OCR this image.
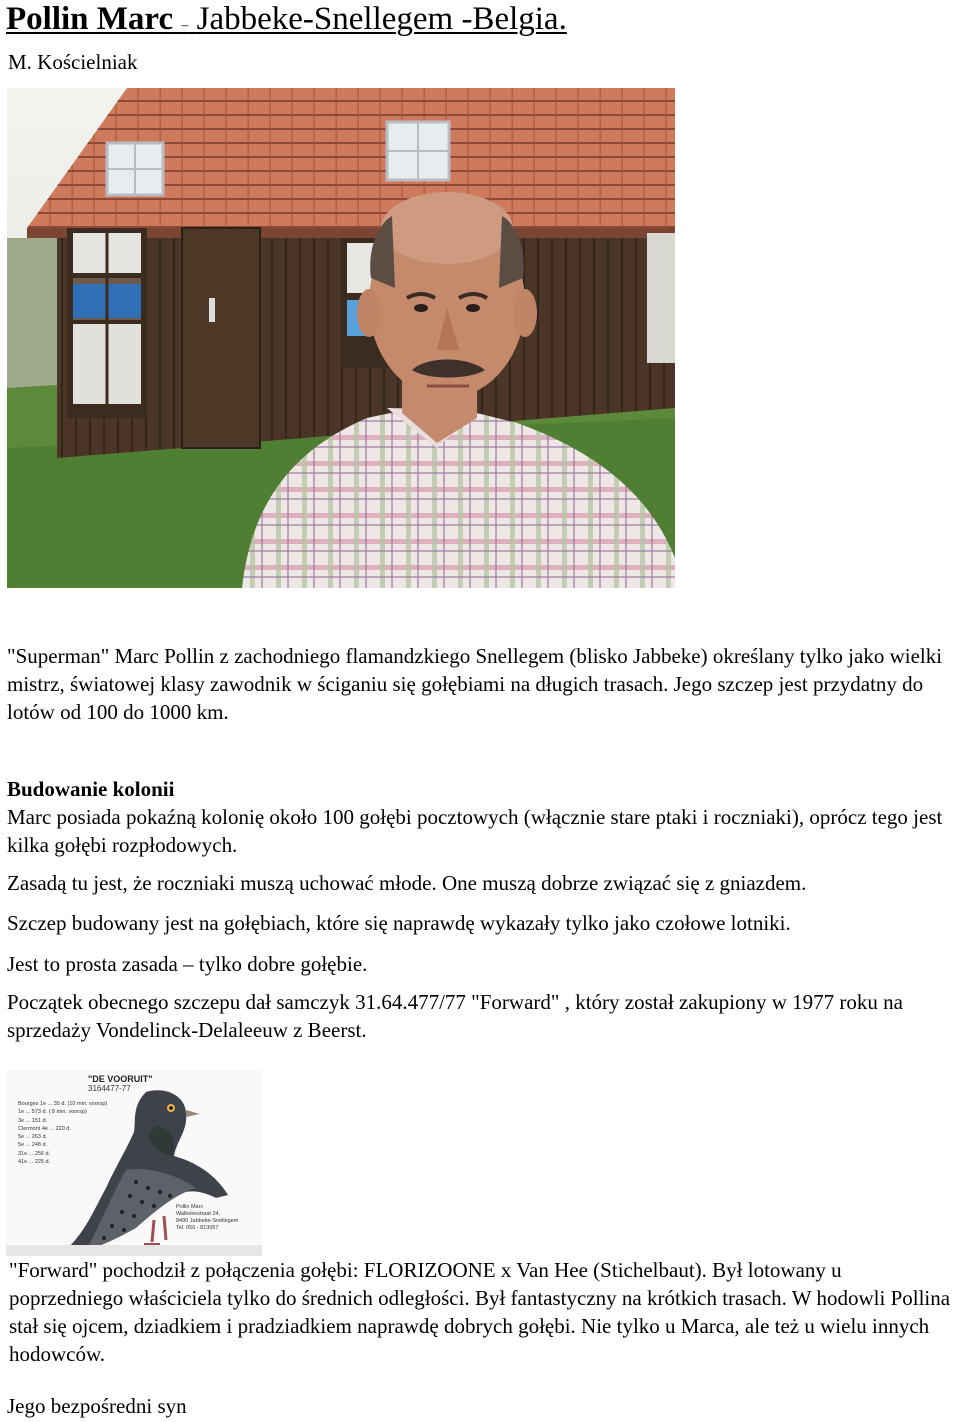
Pollin Marc – Jabbeke-Snellegem -Belgia.
M. Kościelniak

"Superman" Marc Pollin z zachodniego flamandzkiego Snellegem (blisko Jabbeke) określany tylko jako wielki mistrz, światowej klasy zawodnik w ściganiu się gołębiami na długich trasach. Jego szczep jest przydatny do lotów od 100 do 1000 km.

Budowanie kolonii

Marc posiada pokaźną kolonię około 100 gołębi pocztowych (włącznie stare ptaki i roczniaki), oprócz tego jest kilka gołębi rozpłodowych.

Zasadą tu jest, że roczniaki muszą uchować młode. One muszą dobrze związać się z gniazdem.

Szczep budowany jest na gołębiach, które się naprawdę wykazały tylko jako czołowe lotniki.

Jest to prosta zasada – tylko dobre gołębie.

Początek obecnego szczepu dał samczyk 31.64.477/77 "Forward" , który został zakupiony w 1977 roku na sprzedaży Vondelinck-Delaleeuw z Beerst.

"DE VOORUIT"
3164477-77
Bourges 1e ... 35 d. (10 min. voorsp)
1e ... 573 d. ( 8 min. voorsp)
3e ... 151 d.
Clermont 4e ... 220 d.
5e ... 263 d.
5e ... 248 d.
31e ... 256 d.
41e ... 225 d.
Pollin Marc
Walbekestraat 24,
8490 Jabbeke-Snellegem
Tel. 050 - 813057

"Forward" pochodził z połączenia gołębi: FLORIZOONE x Van Hee (Stichelbaut). Był lotowany u poprzedniego właściciela tylko do średnich odległości. Był fantastyczny na krótkich trasach. W hodowli Pollina stał się ojcem, dziadkiem i pradziadkiem naprawdę dobrych gołębi. Nie tylko u Marca, ale też u wielu innych hodowców.

Jego bezpośredni syn
